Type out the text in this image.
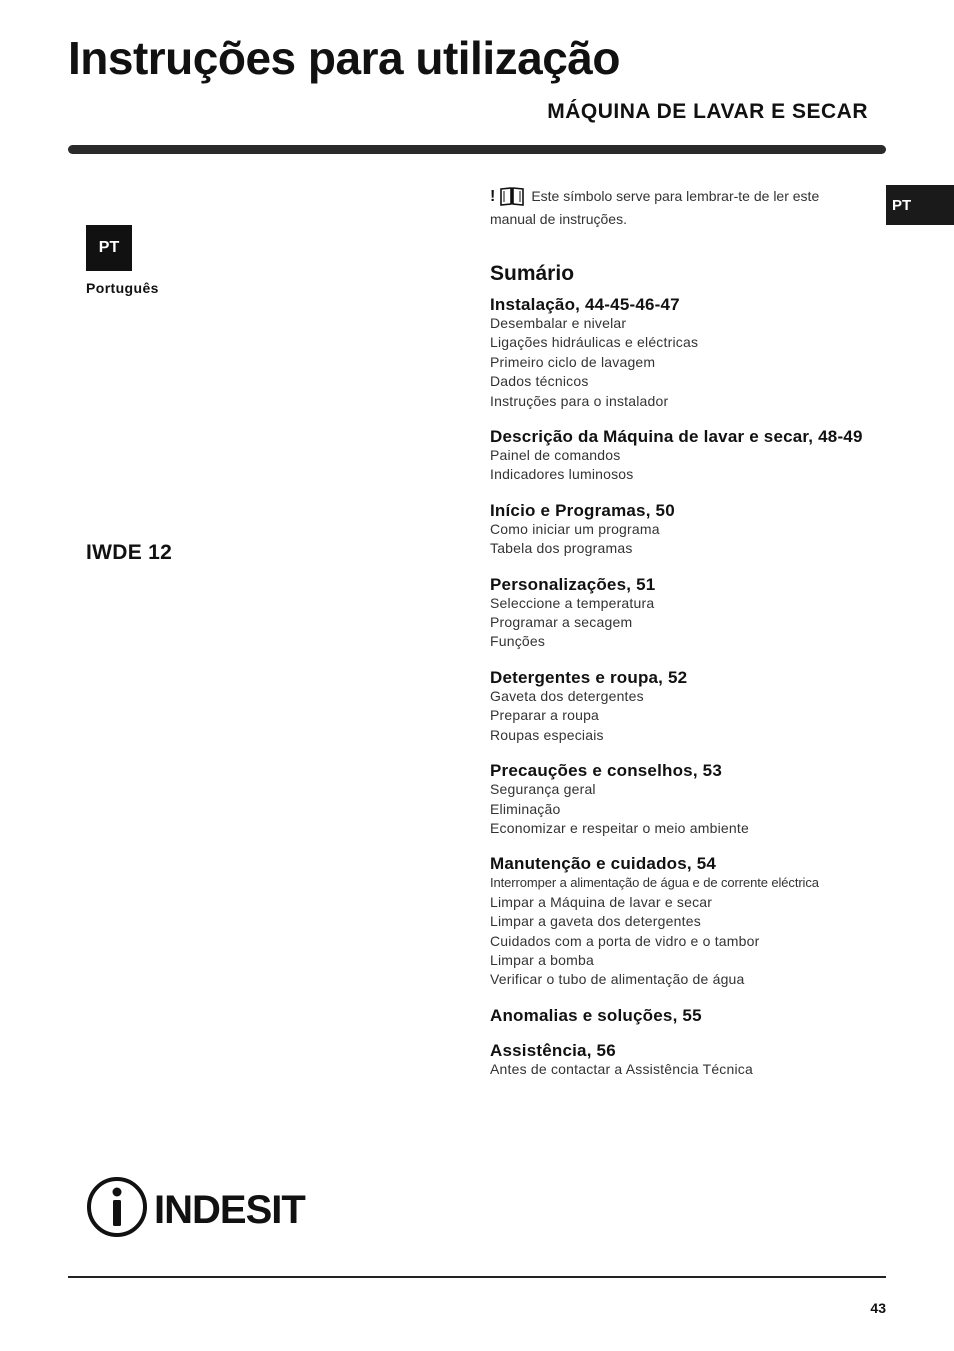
Instruções para utilização
MÁQUINA DE LAVAR E SECAR
PT
PT
Português
IWDE 12
!	Este símbolo serve para lembrar-te de ler este manual de instruções.
Sumário
Instalação, 44-45-46-47
Desembalar e nivelar
Ligações hidráulicas e eléctricas
Primeiro ciclo de lavagem
Dados técnicos
Instruções para o instalador
Descrição da Máquina de lavar e secar, 48-49
Painel de comandos
Indicadores luminosos
Início e Programas, 50
Como iniciar um programa
Tabela dos programas
Personalizações, 51
Seleccione a temperatura
Programar a secagem
Funções
Detergentes e roupa, 52
Gaveta dos detergentes
Preparar a roupa
Roupas especiais
Precauções e conselhos, 53
Segurança geral
Eliminação
Economizar e respeitar o meio ambiente
Manutenção e cuidados, 54
Interromper a alimentação de água e de corrente eléctrica
Limpar a Máquina de lavar e secar
Limpar a gaveta dos detergentes
Cuidados com a porta de vidro e o tambor
Limpar a bomba
Verificar o tubo de alimentação de água
Anomalias e soluções, 55
Assistência, 56
Antes de contactar a Assistência Técnica
INDESIT
43
